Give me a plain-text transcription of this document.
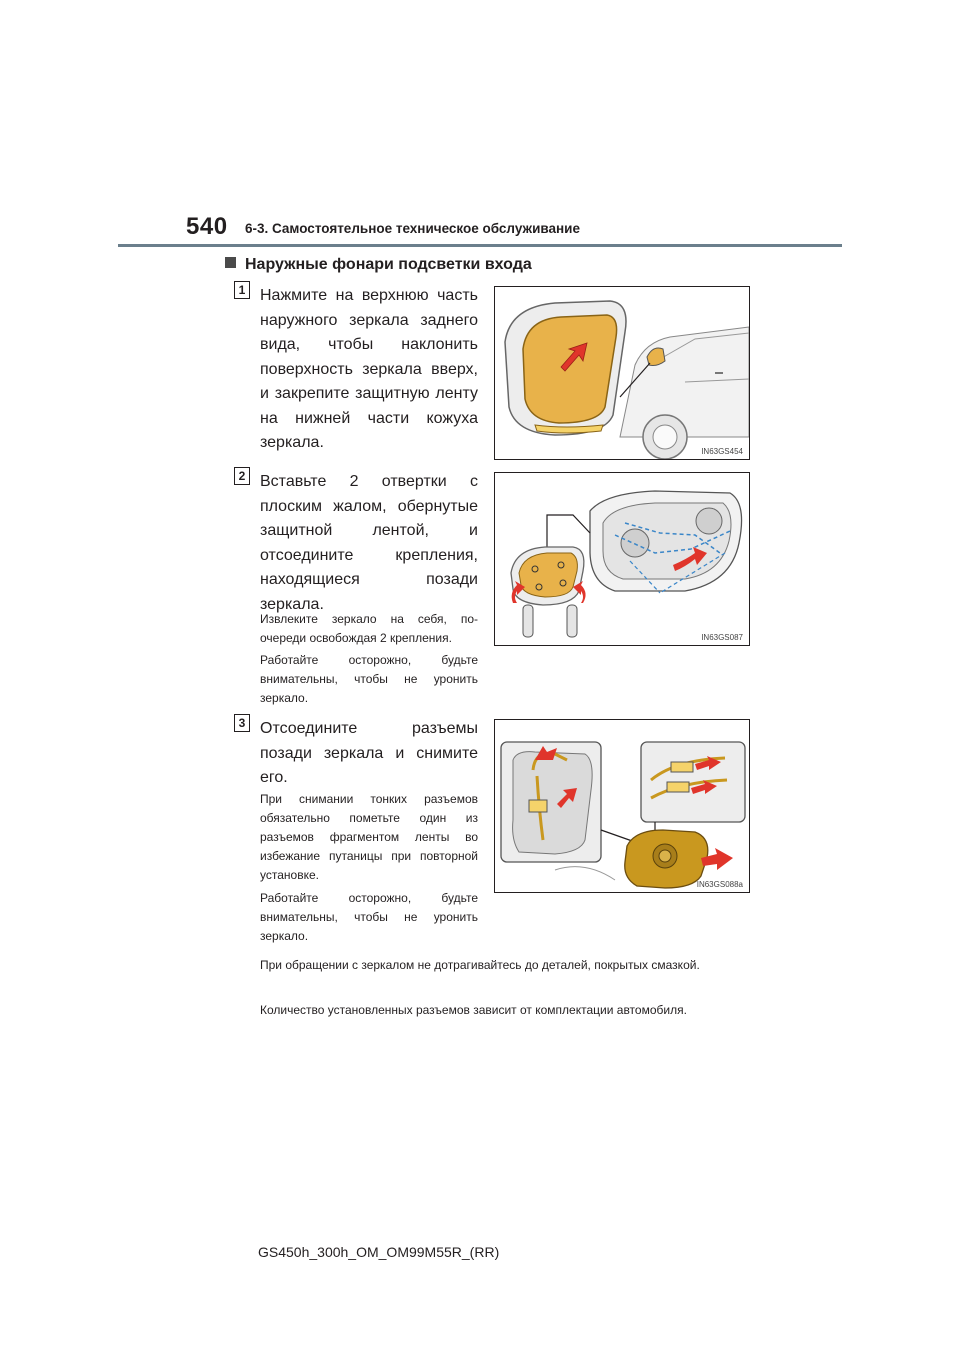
540 6-3. Самостоятельное техническое обслуживание
Наружные фонари подсветки входа
1 Нажмите на верхнюю часть наружного зеркала заднего вида, чтобы наклонить поверхность зеркала вверх, и закрепите защитную ленту на нижней части кожуха зеркала.
IN63GS454
2 Вставьте 2 отвертки с плоским жалом, обернутые защитной лентой, и отсоедините крепления, находящиеся позади зеркала.
Извлеките зеркало на себя, по-очереди освобождая 2 крепления.
Работайте осторожно, будьте внимательны, чтобы не уронить зеркало.
IN63GS087
3 Отсоедините разъемы позади зеркала и снимите его.
При снимании тонких разъемов обязательно пометьте один из разъемов фрагментом ленты во избежание путаницы при повторной установке.
Работайте осторожно, будьте внимательны, чтобы не уронить зеркало.
IN63GS088a
При обращении с зеркалом не дотрагивайтесь до деталей, покрытых смазкой.
Количество установленных разъемов зависит от комплектации автомобиля.
GS450h_300h_OM_OM99M55R_(RR)
